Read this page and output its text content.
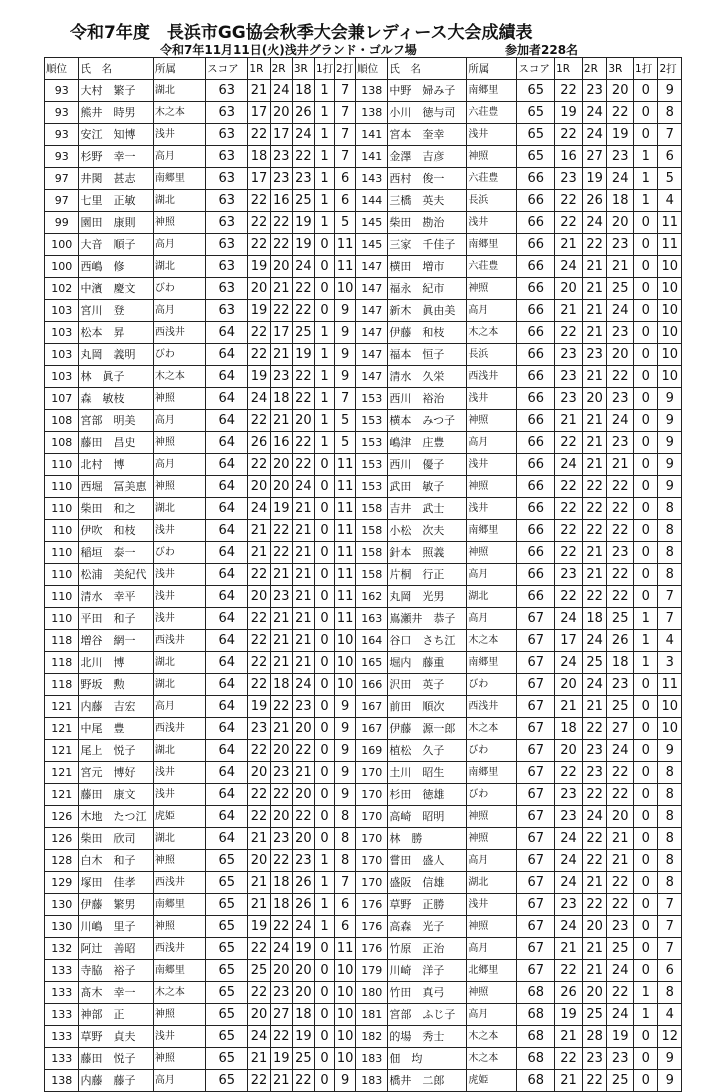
令和7年度　長浜市GG協会秋季大会兼レディース大会成績表
令和7年11月11日(火)浅井グランド・ゴルフ場	参加者228名
順位	氏　名	所属	スコア	1R	2R	3R	1打	2打	順位	氏　名	所属	スコア	1R	2R	3R	1打	2打
93	大村　繁子	湖北	63	21	24	18	1	7	138	中野　婦み子	南郷里	65	22	23	20	0	9
93	熊井　時男	木之本	63	17	20	26	1	7	138	小川　徳与司	六荘豊	65	19	24	22	0	8
93	安江　知博	浅井	63	22	17	24	1	7	141	宮本　奎幸	浅井	65	22	24	19	0	7
93	杉野　幸一	高月	63	18	23	22	1	7	141	金澤　吉彦	神照	65	16	27	23	1	6
97	井関　甚志	南郷里	63	17	23	23	1	6	143	西村　俊一	六荘豊	66	23	19	24	1	5
97	七里　正敏	湖北	63	22	16	25	1	6	144	三橋　英夫	長浜	66	22	26	18	1	4
99	園田　康則	神照	63	22	22	19	1	5	145	柴田　勘治	浅井	66	22	24	20	0	11
100	大音　順子	高月	63	22	22	19	0	11	145	三家　千佳子	南郷里	66	21	22	23	0	11
100	西嶋　修	湖北	63	19	20	24	0	11	147	横田　増市	六荘豊	66	24	21	21	0	10
102	中濱　慶文	びわ	63	20	21	22	0	10	147	福永　紀市	神照	66	20	21	25	0	10
103	宮川　登	高月	63	19	22	22	0	9	147	新木　眞由美	高月	66	21	21	24	0	10
103	松本　昇	西浅井	64	22	17	25	1	9	147	伊藤　和枝	木之本	66	22	21	23	0	10
103	丸岡　義明	びわ	64	22	21	19	1	9	147	福本　恒子	長浜	66	23	23	20	0	10
103	林　眞子	木之本	64	19	23	22	1	9	147	清水　久栄	西浅井	66	23	21	22	0	10
107	森　敏枝	神照	64	24	18	22	1	7	153	西川　裕治	浅井	66	23	20	23	0	9
108	宮部　明美	高月	64	22	21	20	1	5	153	横本　みつ子	神照	66	21	21	24	0	9
108	藤田　昌史	神照	64	26	16	22	1	5	153	嶋津　庄豊	高月	66	22	21	23	0	9
110	北村　博	高月	64	22	20	22	0	11	153	西川　優子	浅井	66	24	21	21	0	9
110	西堀　冨美恵	神照	64	20	20	24	0	11	153	武田　敏子	神照	66	22	22	22	0	9
110	柴田　和之	湖北	64	24	19	21	0	11	158	吉井　武士	浅井	66	22	22	22	0	8
110	伊吹　和枝	浅井	64	21	22	21	0	11	158	小松　次夫	南郷里	66	22	22	22	0	8
110	稲垣　泰一	びわ	64	21	22	21	0	11	158	針本　照義	神照	66	22	21	23	0	8
110	松浦　美紀代	浅井	64	22	21	21	0	11	158	片桐　行正	高月	66	23	21	22	0	8
110	清水　幸平	浅井	64	20	23	21	0	11	162	丸岡　光男	湖北	66	22	22	22	0	7
110	平田　和子	浅井	64	22	21	21	0	11	163	嶌瀬井　恭子	高月	67	24	18	25	1	7
118	増谷　網一	西浅井	64	22	21	21	0	10	164	谷口　さち江	木之本	67	17	24	26	1	4
118	北川　博	湖北	64	22	21	21	0	10	165	堀内　藤重	南郷里	67	24	25	18	1	3
118	野坂　勲	湖北	64	22	18	24	0	10	166	沢田　英子	びわ	67	20	24	23	0	11
121	内藤　吉宏	高月	64	19	22	23	0	9	167	前田　順次	西浅井	67	21	21	25	0	10
121	中尾　豊	西浅井	64	23	21	20	0	9	167	伊藤　源一郎	木之本	67	18	22	27	0	10
121	尾上　悦子	湖北	64	22	20	22	0	9	169	植松　久子	びわ	67	20	23	24	0	9
121	宮元　博好	浅井	64	20	23	21	0	9	170	土川　昭生	南郷里	67	22	23	22	0	8
121	藤田　康文	浅井	64	22	22	20	0	9	170	杉田　徳雄	びわ	67	23	22	22	0	8
126	木地　たつ江	虎姫	64	22	20	22	0	8	170	高崎　昭明	神照	67	23	24	20	0	8
126	柴田　欣司	湖北	64	21	23	20	0	8	170	林　勝	神照	67	24	22	21	0	8
128	白木　和子	神照	65	20	22	23	1	8	170	嘗田　盛人	高月	67	24	22	21	0	8
129	塚田　佳孝	西浅井	65	21	18	26	1	7	170	盛阪　信雄	湖北	67	24	21	22	0	8
130	伊藤　繁男	南郷里	65	21	18	26	1	6	176	草野　正勝	浅井	67	23	22	22	0	7
130	川嶋　里子	神照	65	19	22	24	1	6	176	高森　光子	神照	67	24	20	23	0	7
132	阿辻　善昭	西浅井	65	22	24	19	0	11	176	竹原　正治	高月	67	21	21	25	0	7
133	寺脇　裕子	南郷里	65	25	20	20	0	10	179	川崎　洋子	北郷里	67	22	21	24	0	6
133	髙木　幸一	木之本	65	22	23	20	0	10	180	竹田　真弓	神照	68	26	20	22	1	8
133	神部　正	神照	65	20	27	18	0	10	181	宮部　ふじ子	高月	68	19	25	24	1	4
133	草野　貞夫	浅井	65	24	22	19	0	10	182	的場　秀士	木之本	68	21	28	19	0	12
133	藤田　悦子	神照	65	21	19	25	0	10	183	佃　均	木之本	68	22	23	23	0	9
138	内藤　藤子	高月	65	22	21	22	0	9	183	橋井　二郎	虎姫	68	21	22	25	0	9
